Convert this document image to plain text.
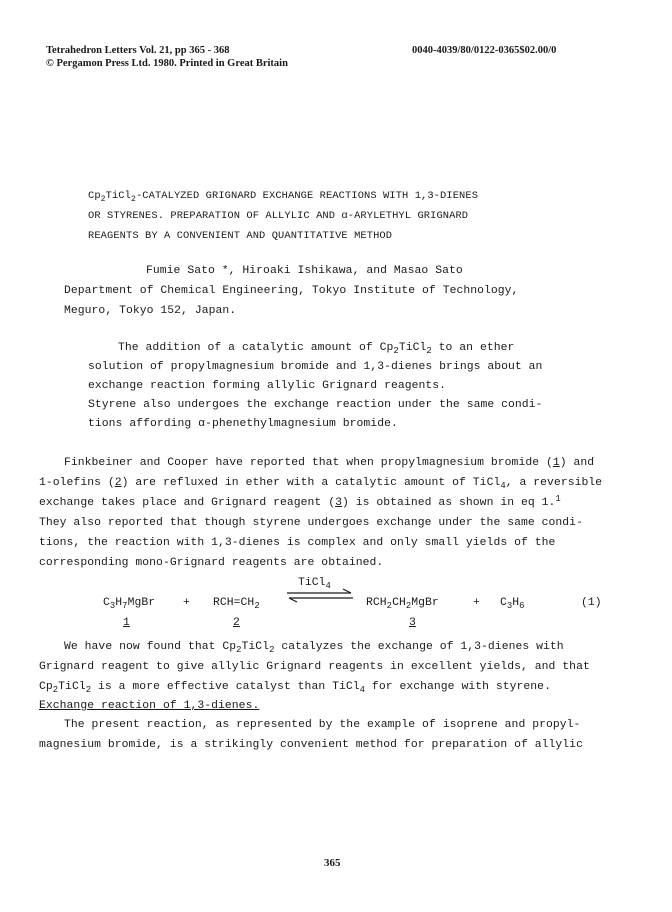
Tetrahedron Letters Vol. 21, pp 365 - 368
© Pergamon Press Ltd. 1980. Printed in Great Britain
0040-4039/80/0122-0365$02.00/0
$Cp_2TiCl_2$-CATALYZED GRIGNARD EXCHANGE REACTIONS WITH 1,3-DIENES
OR STYRENES. PREPARATION OF ALLYLIC AND α-ARYLETHYL GRIGNARD
REAGENTS BY A CONVENIENT AND QUANTITATIVE METHOD
Fumie Sato *, Hiroaki Ishikawa, and Masao Sato
Department of Chemical Engineering, Tokyo Institute of Technology,
Meguro, Tokyo 152, Japan.
The addition of a catalytic amount of $Cp_2TiCl_2$ to an ether
solution of propylmagnesium bromide and 1,3-dienes brings about an
exchange reaction forming allylic Grignard reagents.
Styrene also undergoes the exchange reaction under the same condi-
tions affording α-phenethylmagnesium bromide.
Finkbeiner and Cooper have reported that when propylmagnesium bromide (1) and
1-olefins (2) are refluxed in ether with a catalytic amount of TiCl$_4$, a reversible
exchange takes place and Grignard reagent (3) is obtained as shown in eq 1.$^1$
They also reported that though styrene undergoes exchange under the same condi-
tions, the reaction with 1,3-dienes is complex and only small yields of the
corresponding mono-Grignard reagents are obtained.
TiCl$_4$
$C_3H_7MgBr + RCH=CH_2$	$RCH_2CH_2MgBr$	+ $C_3H_6$	(1)
1	2	3
We have now found that $Cp_2TiCl_2$ catalyzes the exchange of 1,3-dienes with
Grignard reagent to give allylic Grignard reagents in excellent yields, and that
$Cp_2TiCl_2$ is a more effective catalyst than TiCl$_4$ for exchange with styrene.
Exchange reaction of 1,3-dienes.
The present reaction, as represented by the example of isoprene and propyl-
magnesium bromide, is a strikingly convenient method for preparation of allylic
365
